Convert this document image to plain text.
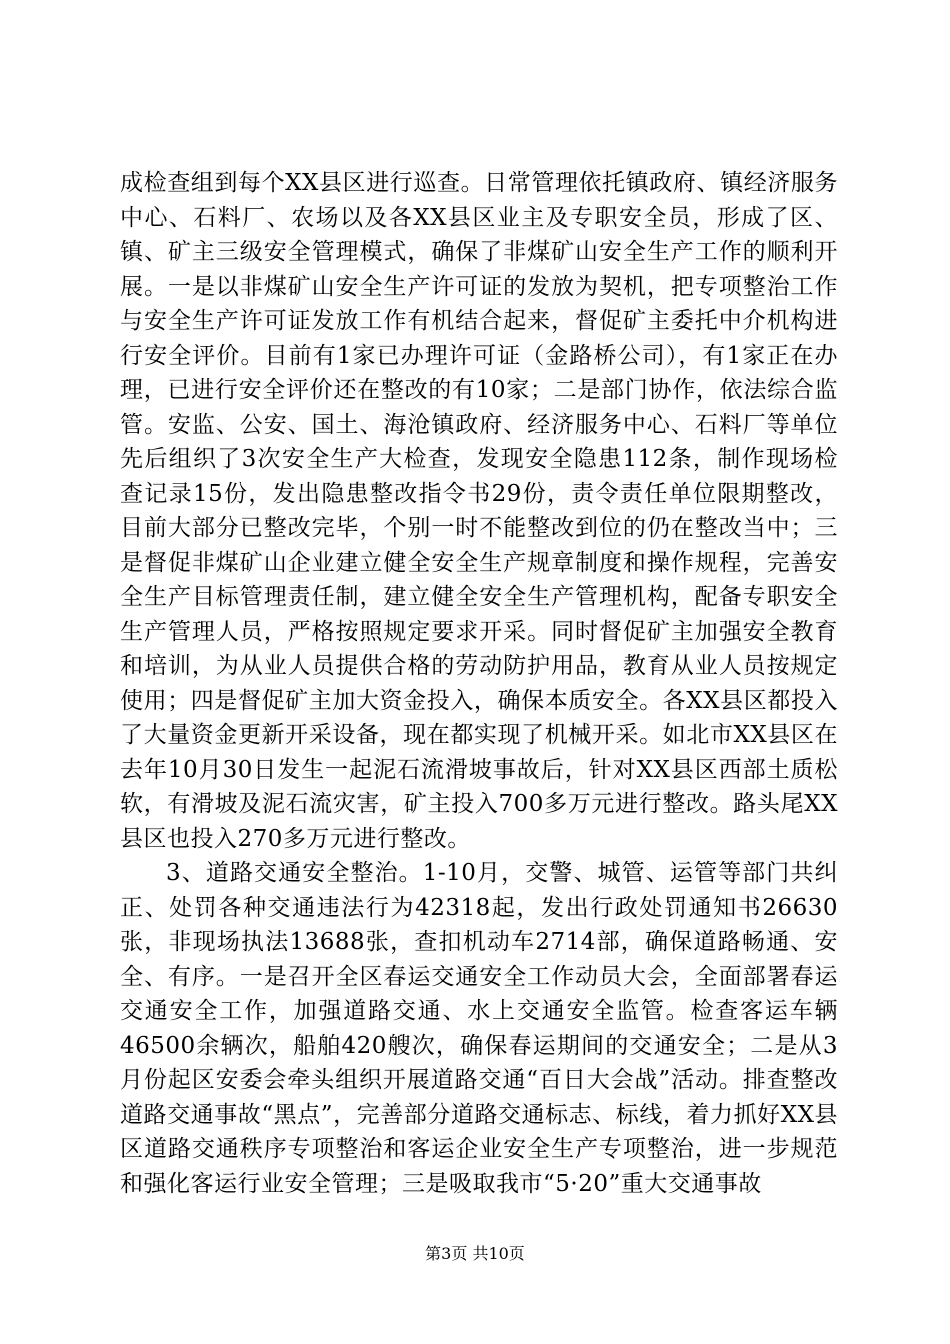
成检查组到每个XX县区进行巡查。日常管理依托镇政府、镇经济服务中心、石料厂、农场以及各XX县区业主及专职安全员，形成了区、镇、矿主三级安全管理模式，确保了非煤矿山安全生产工作的顺利开展。一是以非煤矿山安全生产许可证的发放为契机，把专项整治工作与安全生产许可证发放工作有机结合起来，督促矿主委托中介机构进行安全评价。目前有1家已办理许可证（金路桥公司），有1家正在办理，已进行安全评价还在整改的有10家；二是部门协作，依法综合监管。安监、公安、国土、海沧镇政府、经济服务中心、石料厂等单位先后组织了3次安全生产大检查，发现安全隐患112条，制作现场检查记录15份，发出隐患整改指令书29份，责令责任单位限期整改，目前大部分已整改完毕，个别一时不能整改到位的仍在整改当中；三是督促非煤矿山企业建立健全安全生产规章制度和操作规程，完善安全生产目标管理责任制，建立健全安全生产管理机构，配备专职安全生产管理人员，严格按照规定要求开采。同时督促矿主加强安全教育和培训，为从业人员提供合格的劳动防护用品，教育从业人员按规定使用；四是督促矿主加大资金投入，确保本质安全。各XX县区都投入了大量资金更新开采设备，现在都实现了机械开采。如北市XX县区在去年10月30日发生一起泥石流滑坡事故后，针对XX县区西部土质松软，有滑坡及泥石流灾害，矿主投入700多万元进行整改。路头尾XX县区也投入270多万元进行整改。

3、道路交通安全整治。1-10月，交警、城管、运管等部门共纠正、处罚各种交通违法行为42318起，发出行政处罚通知书26630张，非现场执法13688张，查扣机动车2714部，确保道路畅通、安全、有序。一是召开全区春运交通安全工作动员大会，全面部署春运交通安全工作，加强道路交通、水上交通安全监管。检查客运车辆46500余辆次，船舶420艘次，确保春运期间的交通安全；二是从3月份起区安委会牵头组织开展道路交通“百日大会战”活动。排查整改道路交通事故“黑点”，完善部分道路交通标志、标线，着力抓好XX县区道路交通秩序专项整治和客运企业安全生产专项整治，进一步规范和强化客运行业安全管理；三是吸取我市“5·20”重大交通事故

第3页 共10页
